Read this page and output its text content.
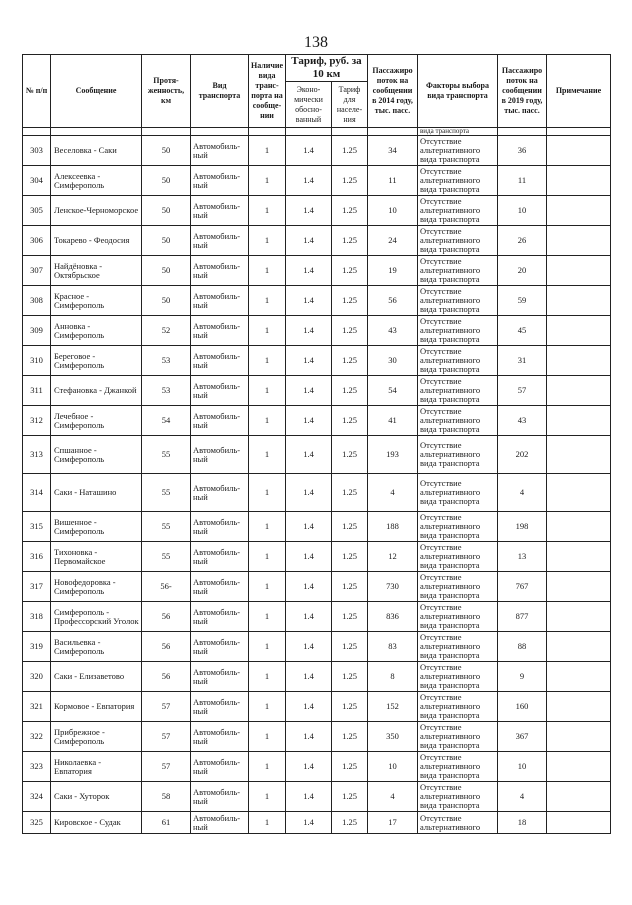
138
№ п/п	Сообщение	Протя-женность, км	Вид транспорта	Наличие вида транс-порта на сообще-нии	Тариф, руб. за 10 км		Пассажиро поток на сообщении в 2014 году, тыс. пасс.	Факторы выбора вида транспорта	Пассажиро поток на сообщении в 2019 году, тыс. пасс.	Примечание
					Эконо-мически обосно-ванный	Тариф для населе-ния				
								вида транспорта		
303	Веселовка - Саки	50	Автомобиль-ный	1	1.4	1.25	34	Отсутствие альтернативного вида транспорта	36	
304	Алексеевка - Симферополь	50	Автомобиль-ный	1	1.4	1.25	11	Отсутствие альтернативного вида транспорта	11	
305	Ленское-Черноморское	50	Автомобиль-ный	1	1.4	1.25	10	Отсутствие альтернативного вида транспорта	10	
306	Токарево - Феодосия	50	Автомобиль-ный	1	1.4	1.25	24	Отсутствие альтернативного вида транспорта	26	
307	Найдёновка - Октябрьское	50	Автомобиль-ный	1	1.4	1.25	19	Отсутствие альтернативного вида транспорта	20	
308	Красное - Симферополь	50	Автомобиль-ный	1	1.4	1.25	56	Отсутствие альтернативного вида транспорта	59	
309	Анновка - Симферополь	52	Автомобиль-ный	1	1.4	1.25	43	Отсутствие альтернативного вида транспорта	45	
310	Береговое - Симферополь	53	Автомобиль-ный	1	1.4	1.25	30	Отсутствие альтернативного вида транспорта	31	
311	Стефановка - Джанкой	53	Автомобиль-ный	1	1.4	1.25	54	Отсутствие альтернативного вида транспорта	57	
312	Лечебное - Симферополь	54	Автомобиль-ный	1	1.4	1.25	41	Отсутствие альтернативного вида транспорта	43	
313	Спшанное - Симферополь	55	Автомобиль-ный	1	1.4	1.25	193	Отсутствие альтернативного вида транспорта	202	
314	Саки - Наташино	55	Автомобиль-ный	1	1.4	1.25	4	Отсутствие альтернативного вида транспорта	4	
315	Вишенное - Симферополь	55	Автомобиль-ный	1	1.4	1.25	188	Отсутствие альтернативного вида транспорта	198	
316	Тихоновка - Первомайское	55	Автомобиль-ный	1	1.4	1.25	12	Отсутствие альтернативного вида транспорта	13	
317	Новофедоровка - Симферополь	56-	Автомобиль-ный	1	1.4	1.25	730	Отсутствие альтернативного вида транспорта	767	
318	Симферополь - Профессорский Уголок	56	Автомобиль-ный	1	1.4	1.25	836	Отсутствие альтернативного вида транспорта	877	
319	Васильевка - Симферополь	56	Автомобиль-ный	1	1.4	1.25	83	Отсутствие альтернативного вида транспорта	88	
320	Саки - Елизаветово	56	Автомобиль-ный	1	1.4	1.25	8	Отсутствие альтернативного вида транспорта	9	
321	Кормовое - Евпатория	57	Автомобиль-ный	1	1.4	1.25	152	Отсутствие альтернативного вида транспорта	160	
322	Прибрежное - Симферополь	57	Автомобиль-ный	1	1.4	1.25	350	Отсутствие альтернативного вида транспорта	367	
323	Николаевка - Евпатория	57	Автомобиль-ный	1	1.4	1.25	10	Отсутствие альтернативного вида транспорта	10	
324	Саки - Хуторок	58	Автомобиль-ный	1	1.4	1.25	4	Отсутствие альтернативного вида транспорта	4	
325	Кировское - Судак	61	Автомобиль-ный	1	1.4	1.25	17	Отсутствие альтернативного	18	
